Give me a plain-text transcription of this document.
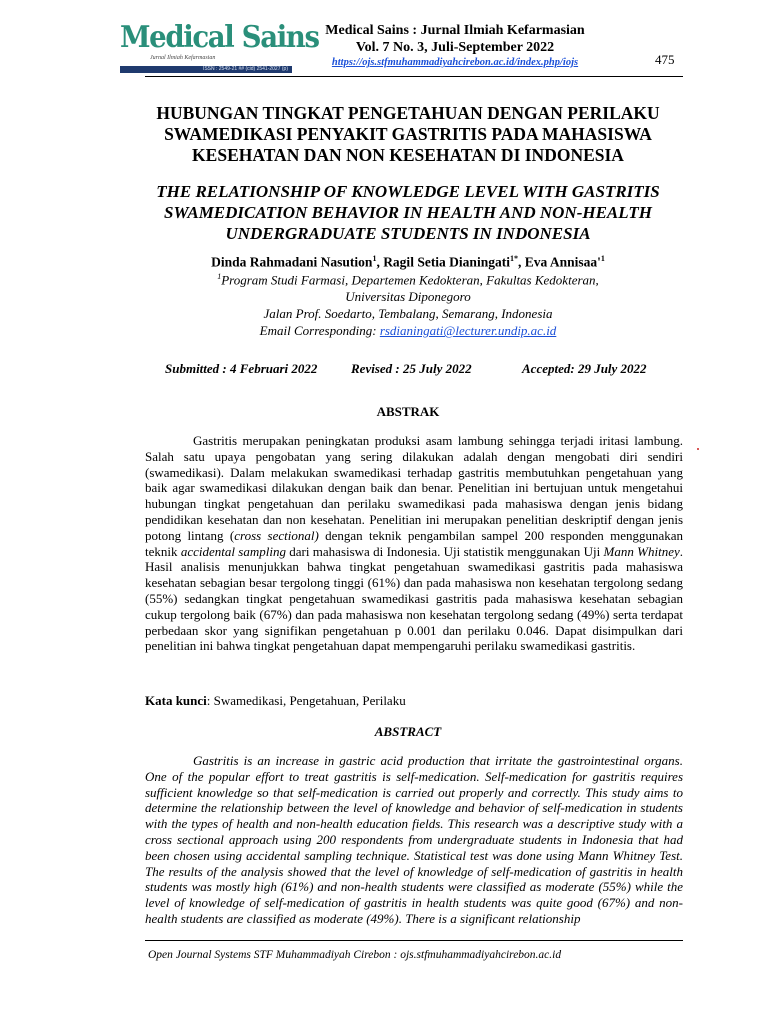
Medical Sains
Jurnal Ilmiah Kefarmasian
ISSN : 2549-21 ## (cid) 2541-2027 (p)
Medical Sains : Jurnal Ilmiah Kefarmasian
Vol. 7 No. 3, Juli-September 2022
https://ojs.stfmuhammadiyahcirebon.ac.id/index.php/iojs	475
HUBUNGAN TINGKAT PENGETAHUAN DENGAN PERILAKU SWAMEDIKASI PENYAKIT GASTRITIS PADA MAHASISWA KESEHATAN DAN NON KESEHATAN DI INDONESIA
THE RELATIONSHIP OF KNOWLEDGE LEVEL WITH GASTRITIS SWAMEDICATION BEHAVIOR IN HEALTH AND NON-HEALTH UNDERGRADUATE STUDENTS IN INDONESIA
Dinda Rahmadani Nasution$^1$, Ragil Setia Dianingati$^{1*}$, Eva $Annisaa'^1$
$^1$Program Studi Farmasi, Departemen Kedokteran, Fakultas Kedokteran,
Universitas Diponegoro
Jalan Prof. Soedarto, Tembalang, Semarang, Indonesia
Email Corresponding: rsdianingati@lecturer.undip.ac.id
Submitted : 4 Februari 2022	Revised : 25 July 2022	Accepted: 29 July 2022
ABSTRAK

Gastritis merupakan peningkatan produksi asam lambung sehingga terjadi iritasi lambung. Salah satu upaya pengobatan yang sering dilakukan adalah dengan mengobati diri sendiri (swamedikasi). Dalam melakukan swamedikasi terhadap gastritis membutuhkan pengetahuan yang baik agar swamedikasi dilakukan dengan baik dan benar. Penelitian ini bertujuan untuk mengetahui hubungan tingkat pengetahuan dan perilaku swamedikasi pada mahasiswa dengan jenis bidang pendidikan kesehatan dan non kesehatan. Penelitian ini merupakan penelitian deskriptif dengan jenis potong lintang (cross sectional) dengan teknik pengambilan sampel 200 responden menggunakan teknik accidental sampling dari mahasiswa di Indonesia. Uji statistik menggunakan Uji Mann Whitney. Hasil analisis menunjukkan bahwa tingkat pengetahuan swamedikasi gastritis pada mahasiswa kesehatan sebagian besar tergolong tinggi (61%) dan pada mahasiswa non kesehatan tergolong sedang (55%) sedangkan tingkat pengetahuan swamedikasi gastritis pada mahasiswa kesehatan sebagian cukup tergolong baik (67%) dan pada mahasiswa non kesehatan tergolong sedang (49%) serta terdapat perbedaan skor yang signifikan pengetahuan p 0.001 dan perilaku 0.046. Dapat disimpulkan dari penelitian ini bahwa tingkat pengetahuan dapat mempengaruhi perilaku swamedikasi gastritis.

Kata kunci: Swamedikasi, Pengetahuan, Perilaku
ABSTRACT

Gastritis is an increase in gastric acid production that irritate the gastrointestinal organs. One of the popular effort to treat gastritis is self-medication. Self-medication for gastritis requires sufficient knowledge so that self-medication is carried out properly and correctly. This study aims to determine the relationship between the level of knowledge and behavior of self-medication in students with the types of health and non-health education fields. This research was a descriptive study with a cross sectional approach using 200 respondents from undergraduate students in Indonesia that had been chosen using accidental sampling technique. Statistical test was done using Mann Whitney Test. The results of the analysis showed that the level of knowledge of self-medication of gastritis in health students was mostly high (61%) and non-health students were classified as moderate (55%) while the level of knowledge of self-medication of gastritis in health students was quite good (67%) and non-health students are classified as moderate (49%). There is a significant relationship

Open Journal Systems STF Muhammadiyah Cirebon : ojs.stfmuhammadiyahcirebon.ac.id
